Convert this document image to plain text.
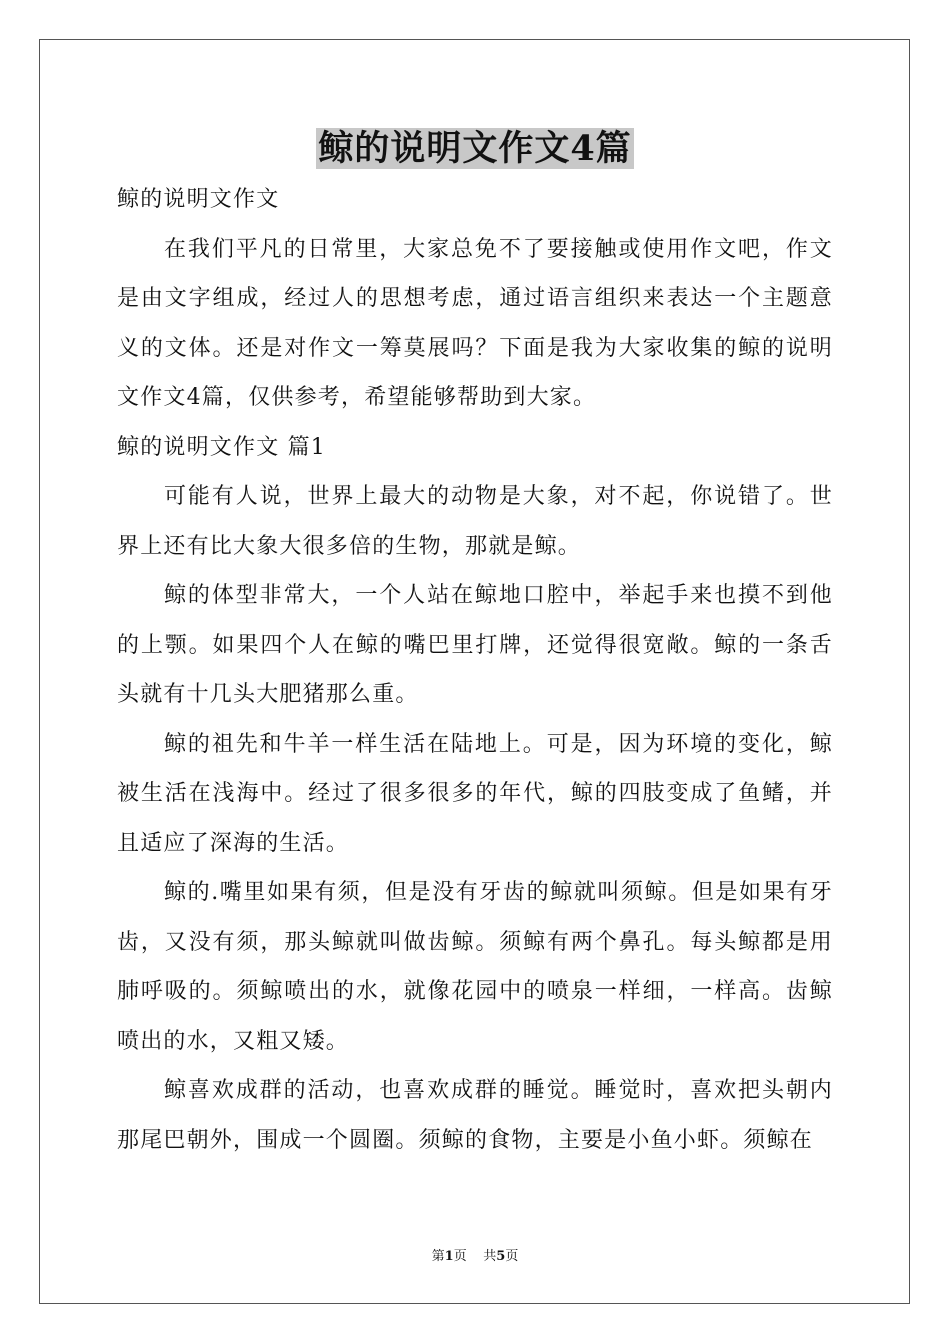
鲸的说明文作文4篇

鲸的说明文作文

在我们平凡的日常里，大家总免不了要接触或使用作文吧，作文是由文字组成，经过人的思想考虑，通过语言组织来表达一个主题意义的文体。还是对作文一筹莫展吗？下面是我为大家收集的鲸的说明文作文4篇，仅供参考，希望能够帮助到大家。

鲸的说明文作文 篇1

可能有人说，世界上最大的动物是大象，对不起，你说错了。世界上还有比大象大很多倍的生物，那就是鲸。

鲸的体型非常大，一个人站在鲸地口腔中，举起手来也摸不到他的上颚。如果四个人在鲸的嘴巴里打牌，还觉得很宽敞。鲸的一条舌头就有十几头大肥猪那么重。

鲸的祖先和牛羊一样生活在陆地上。可是，因为环境的变化，鲸被生活在浅海中。经过了很多很多的年代，鲸的四肢变成了鱼鳍，并且适应了深海的生活。

鲸的.嘴里如果有须，但是没有牙齿的鲸就叫须鲸。但是如果有牙齿，又没有须，那头鲸就叫做齿鲸。须鲸有两个鼻孔。每头鲸都是用肺呼吸的。须鲸喷出的水，就像花园中的喷泉一样细，一样高。齿鲸喷出的水，又粗又矮。

鲸喜欢成群的活动，也喜欢成群的睡觉。睡觉时，喜欢把头朝内那尾巴朝外，围成一个圆圈。须鲸的食物，主要是小鱼小虾。须鲸在

第1页 共5页
